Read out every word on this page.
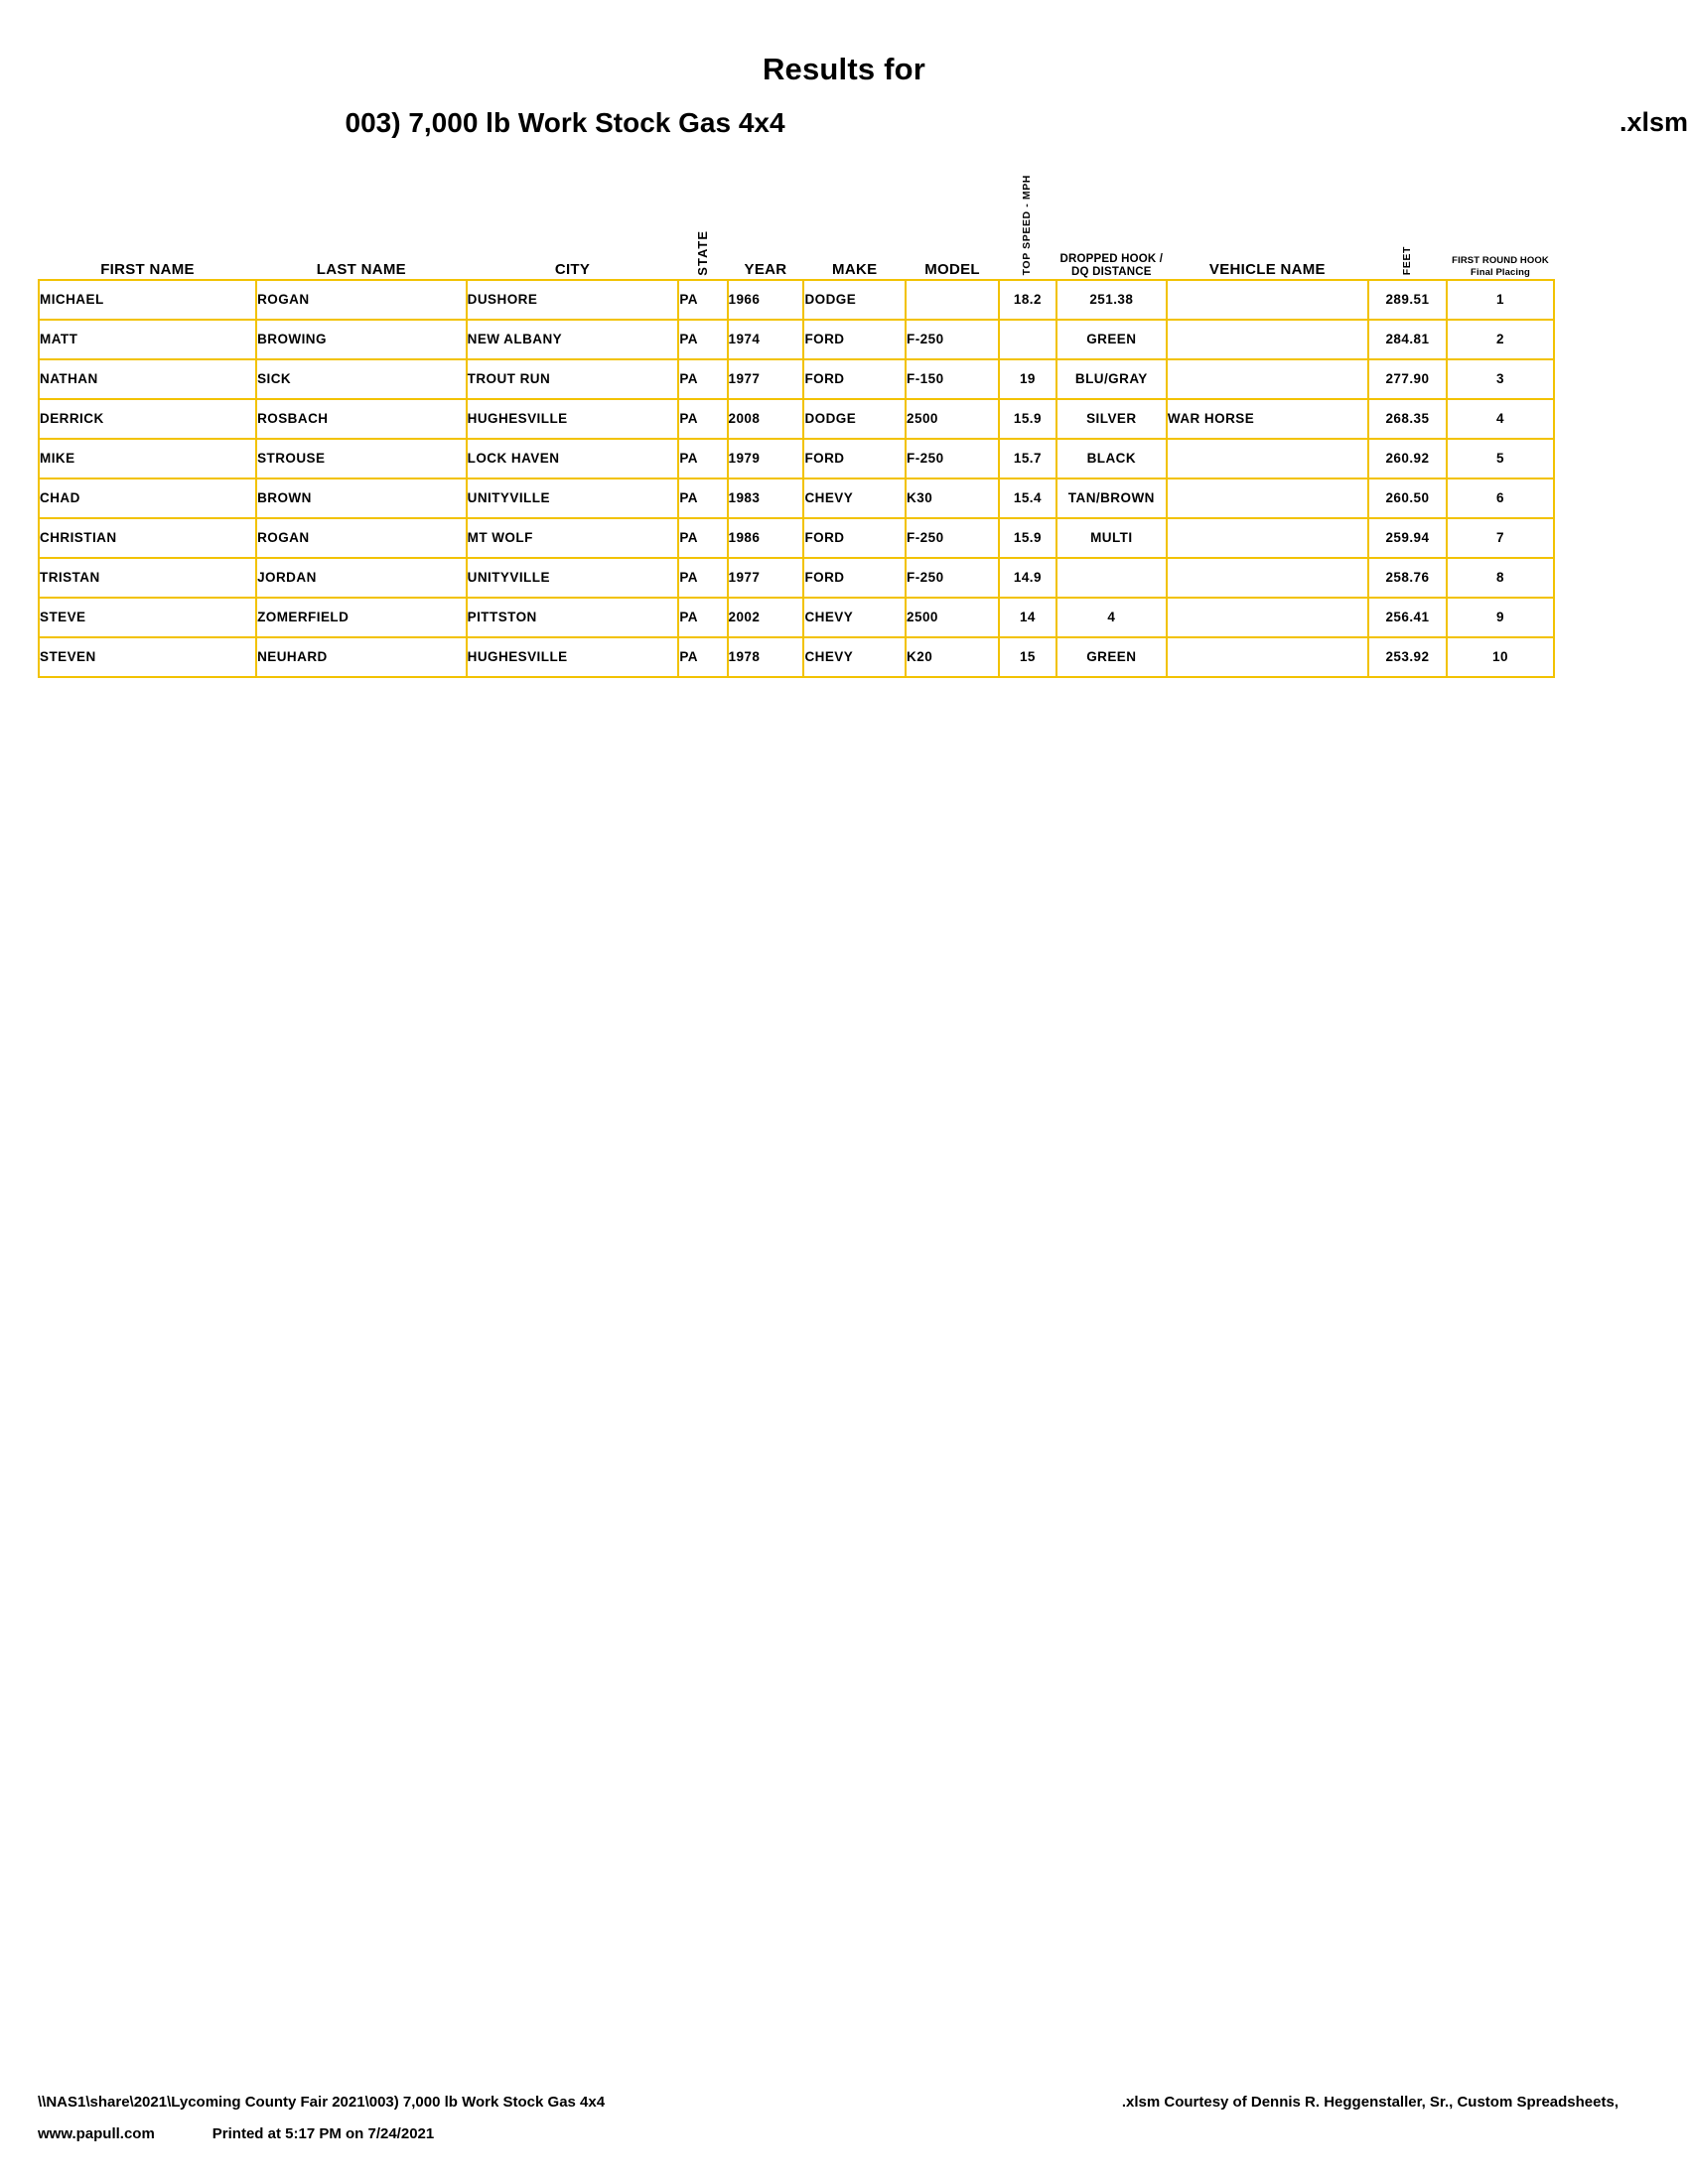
Results for
003) 7,000 lb Work Stock Gas 4x4	.xlsm
FIRST NAME	LAST NAME	CITY	STATE	YEAR	MAKE	MODEL	TOP SPEED - MPH	DROPPED HOOK / DQ DISTANCE	VEHICLE NAME	FEET	FIRST ROUND HOOK
Final Placing

MICHAEL	ROGAN	DUSHORE	PA	1966	DODGE		18.2	251.38		289.51	1
MATT	BROWING	NEW ALBANY	PA	1974	FORD	F-250		GREEN		284.81	2
NATHAN	SICK	TROUT RUN	PA	1977	FORD	F-150	19	BLU/GRAY		277.90	3
DERRICK	ROSBACH	HUGHESVILLE	PA	2008	DODGE	2500	15.9	SILVER	WAR HORSE	268.35	4
MIKE	STROUSE	LOCK HAVEN	PA	1979	FORD	F-250	15.7	BLACK		260.92	5
CHAD	BROWN	UNITYVILLE	PA	1983	CHEVY	K30	15.4	TAN/BROWN		260.50	6
CHRISTIAN	ROGAN	MT WOLF	PA	1986	FORD	F-250	15.9	MULTI		259.94	7
TRISTAN	JORDAN	UNITYVILLE	PA	1977	FORD	F-250	14.9			258.76	8
STEVE	ZOMERFIELD	PITTSTON	PA	2002	CHEVY	2500	14	4		256.41	9
STEVEN	NEUHARD	HUGHESVILLE	PA	1978	CHEVY	K20	15	GREEN		253.92	10
\\NAS1\share\2021\Lycoming County Fair 2021\003) 7,000 lb Work Stock Gas 4x4	.xlsm Courtesy of Dennis R. Heggenstaller, Sr., Custom Spreadsheets,
www.papull.com	Printed at 5:17 PM on 7/24/2021
